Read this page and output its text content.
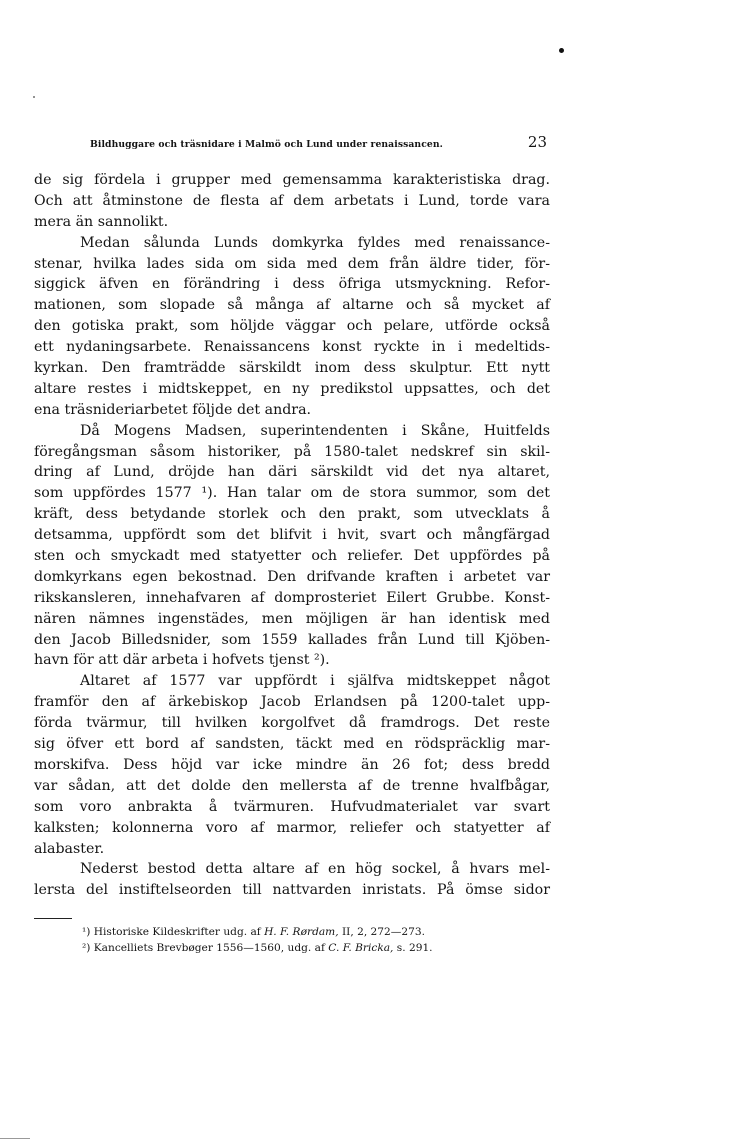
Bildhuggare och träsnidare i Malmö och Lund under renaissancen.	23
de sig fördela i grupper med gemensamma karakteristiska drag.
Och att åtminstone de flesta af dem arbetats i Lund, torde vara
mera än sannolikt.
Medan sålunda Lunds domkyrka fyldes med renaissance-
stenar, hvilka lades sida om sida med dem från äldre tider, för-
siggick äfven en förändring i dess öfriga utsmyckning. Refor-
mationen, som slopade så många af altarne och så mycket af
den gotiska prakt, som höljde väggar och pelare, utförde också
ett nydaningsarbete. Renaissancens konst ryckte in i medeltids-
kyrkan. Den framträdde särskildt inom dess skulptur. Ett nytt
altare restes i midtskeppet, en ny predikstol uppsattes, och det
ena träsnideriarbetet följde det andra.
Då Mogens Madsen, superintendenten i Skåne, Huitfelds
föregångsman såsom historiker, på 1580-talet nedskref sin skil-
dring af Lund, dröjde han däri särskildt vid det nya altaret,
som uppfördes 1577 ¹). Han talar om de stora summor, som det
kräft, dess betydande storlek och den prakt, som utvecklats å
detsamma, uppfördt som det blifvit i hvit, svart och mångfärgad
sten och smyckadt med statyetter och reliefer. Det uppfördes på
domkyrkans egen bekostnad. Den drifvande kraften i arbetet var
rikskansleren, innehafvaren af domprosteriet Eilert Grubbe. Konst-
nären nämnes ingenstädes, men möjligen är han identisk med
den Jacob Billedsnider, som 1559 kallades från Lund till Kjöben-
havn för att där arbeta i hofvets tjenst ²).
Altaret af 1577 var uppfördt i själfva midtskeppet något
framför den af ärkebiskop Jacob Erlandsen på 1200-talet upp-
förda tvärmur, till hvilken korgolfvet då framdrogs. Det reste
sig öfver ett bord af sandsten, täckt med en rödspräcklig mar-
morskifva. Dess höjd var icke mindre än 26 fot; dess bredd
var sådan, att det dolde den mellersta af de trenne hvalfbågar,
som voro anbrakta å tvärmuren. Hufvudmaterialet var svart
kalksten; kolonnerna voro af marmor, reliefer och statyetter af
alabaster.
Nederst bestod detta altare af en hög sockel, å hvars mel-
lersta del instiftelseorden till nattvarden inristats. På ömse sidor
¹) Historiske Kildeskrifter udg. af H. F. Rørdam, II, 2, 272—273.
²) Kancelliets Brevbøger 1556—1560, udg. af C. F. Bricka, s. 291.
